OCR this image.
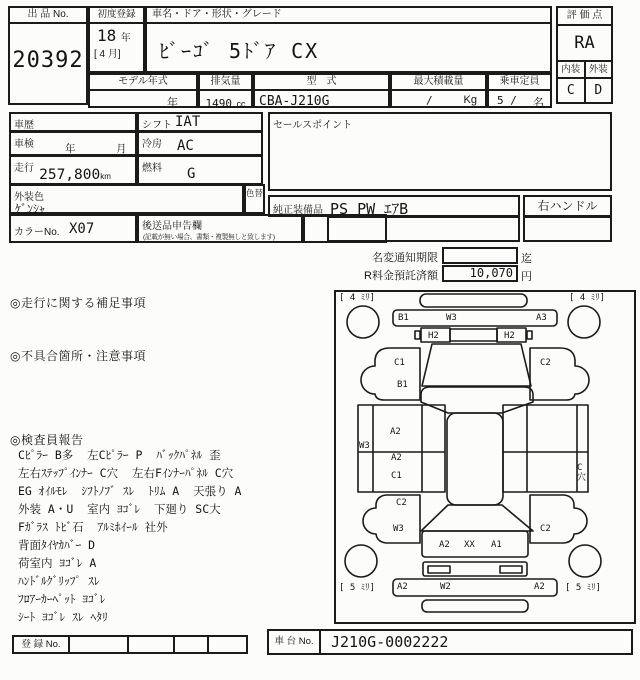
出 品 No.
20392
初度登録
18 年
[ 4 月]
車名・ドア・形状・グレード
ﾋﾞｰｺﾞ 5ﾄﾞｱ CX
モデル年式
年
排気量
1490 cc
型　式
CBA-J210G
最大積載量
/	Kg
乗車定員
5 / 名
評 価 点
RA
内装 外装
C	D
車歴	シフト IAT
車検	年	月 冷房 AC
走行 257,800km
燃料 G
外装色
ｹﾞﾝｼｬ
色替
カラーNo. X07	後送品申告欄
(記載が無い場合、書類・複製無しと致します)
セールスポイント
純正装備品 PS PW ｴｱB	右ハンドル
名変通知期限	迄
R料金預託済額	10,070 円
◎走行に関する補足事項
◎不具合箇所・注意事項
◎検査員報告
Cﾋﾟﾗｰ B多  左Cﾋﾟﾗｰ P  ﾊﾞｯｸﾊﾟﾈﾙ 歪
左右ｽﾃｯﾌﾟｲﾝﾅｰ C穴  左右Fｲﾝﾅｰﾊﾟﾈﾙ C穴
EG ｵｲﾙﾓﾚ  ｼﾌﾄﾉﾌﾞ ｽﾚ  ﾄﾘﾑ A  天張り A
外装 A・U  室内 ﾖｺﾞﾚ  下廻り SC大
Fｶﾞﾗｽ ﾄﾋﾞ石  ｱﾙﾐﾎｲｰﾙ 社外
背面ﾀｲﾔｶﾊﾞｰ D
荷室内 ﾖｺﾞﾚ A
ﾊﾝﾄﾞﾙｸﾞﾘｯﾌﾟ ｽﾚ
ﾌﾛｱｰｶｰﾍﾟｯﾄ ﾖｺﾞﾚ
ｼｰﾄ ﾖｺﾞﾚ ｽﾚ ﾍﾀﾘ
[ 4 ﾐﾘ]	[ 4 ﾐﾘ]
[ 5 ﾐﾘ]	[ 5 ﾐﾘ]
B1	W3	A3
H2	H2
C1
B1
C2
W3
A2
A2
C1
C2
W3	C2
C穴
A2 XX A1
A2	W2	A2
登 録 No.	車 台 No.	J210G-0002222
